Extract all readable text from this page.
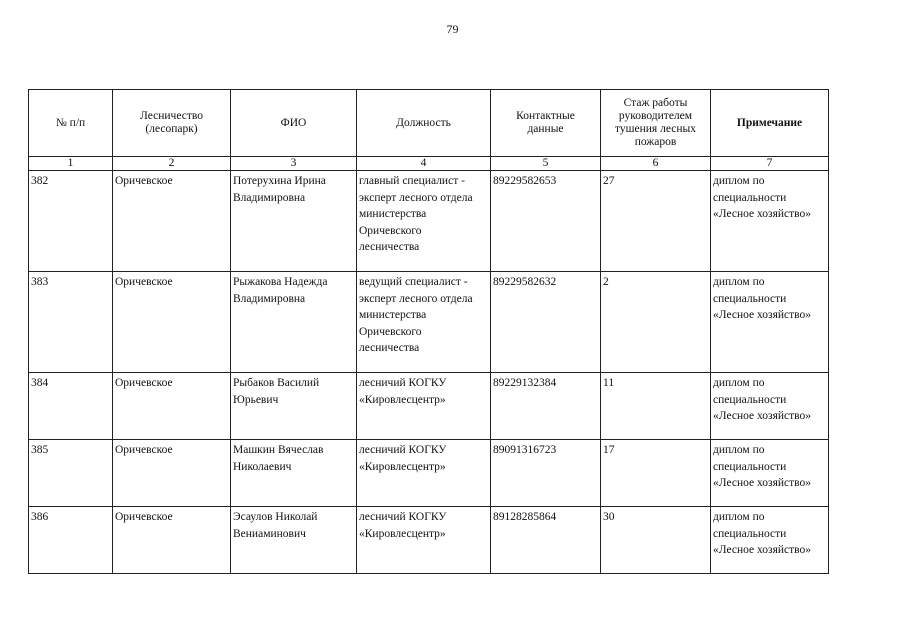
79
№ п/п	Лесничество
(лесопарк)	ФИО	Должность	Контактные
данные	Стаж работы
руководителем
тушения лесных
пожаров	Примечание

1	2	3	4	5	6	7

382	Оричевское	Потерухина Ирина
Владимировна	главный специалист -
эксперт лесного отдела
министерства
Оричевского
лесничества	89229582653	27	диплом по
специальности
«Лесное хозяйство»

383	Оричевское	Рыжакова Надежда
Владимировна	ведущий специалист -
эксперт лесного отдела
министерства
Оричевского
лесничества	89229582632	2	диплом по
специальности
«Лесное хозяйство»

384	Оричевское	Рыбаков Василий
Юрьевич	лесничий КОГКУ
«Кировлесцентр»	89229132384	11	диплом по
специальности
«Лесное хозяйство»

385	Оричевское	Машкин Вячеслав
Николаевич	лесничий КОГКУ
«Кировлесцентр»	89091316723	17	диплом по
специальности
«Лесное хозяйство»

386	Оричевское	Эсаулов Николай
Вениаминович	лесничий КОГКУ
«Кировлесцентр»	89128285864	30	диплом по
специальности
«Лесное хозяйство»
